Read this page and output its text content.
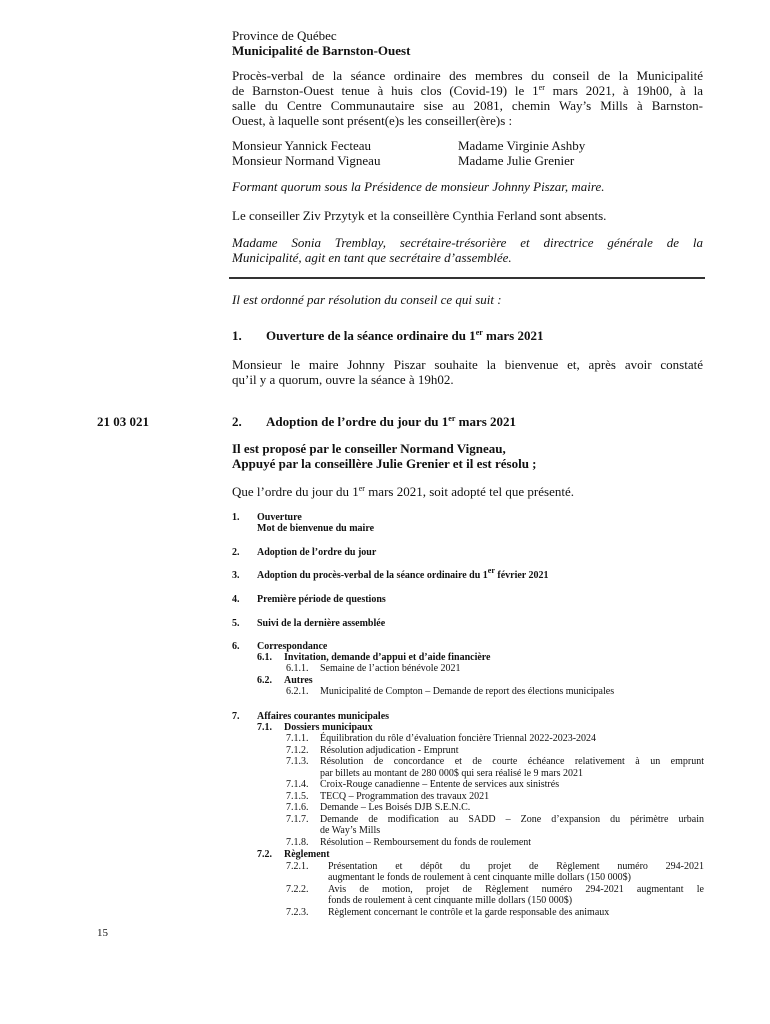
Province de Québec

Municipalité de Barnston-Ouest

Procès-verbal de la séance ordinaire des membres du conseil de la Municipalité

de Barnston-Ouest tenue à huis clos (Covid-19) le 1er mars 2021, à 19h00, à la

salle du Centre Communautaire sise au 2081, chemin Way’s Mills à Barnston-

Ouest, à laquelle sont présent(e)s les conseiller(ère)s :

Monsieur Yannick Fecteau	Madame Virginie Ashby
Monsieur Normand Vigneau	Madame Julie Grenier

Formant quorum sous la Présidence de monsieur Johnny Piszar, maire.

Le conseiller Ziv Przytyk et la conseillère Cynthia Ferland sont absents.

Madame Sonia Tremblay, secrétaire-trésorière et directrice générale de la

Municipalité, agit en tant que secrétaire d’assemblée.

Il est ordonné par résolution du conseil ce qui suit :

1. Ouverture de la séance ordinaire du 1er mars 2021

Monsieur le maire Johnny Piszar souhaite la bienvenue et, après avoir constaté

qu’il y a quorum, ouvre la séance à 19h02.

21 03 021	2. Adoption de l’ordre du jour du 1er mars 2021

Il est proposé par le conseiller Normand Vigneau,

Appuyé par la conseillère Julie Grenier et il est résolu ;

Que l’ordre du jour du 1er mars 2021, soit adopté tel que présenté.

1. Ouverture
Mot de bienvenue du maire
2. Adoption de l’ordre du jour
3. Adoption du procès-verbal de la séance ordinaire du 1er février 2021
4. Première période de questions
5. Suivi de la dernière assemblée
6. Correspondance
6.1. Invitation, demande d’appui et d’aide financière
6.1.1. Semaine de l’action bénévole 2021
6.2. Autres
6.2.1. Municipalité de Compton – Demande de report des élections municipales
7. Affaires courantes municipales
7.1. Dossiers municipaux
7.1.1. Équilibration du rôle d’évaluation foncière Triennal 2022-2023-2024
7.1.2. Résolution adjudication - Emprunt
7.1.3. Résolution de concordance et de courte échéance relativement à un emprunt
par billets au montant de 280 000$ qui sera réalisé le 9 mars 2021
7.1.4. Croix-Rouge canadienne – Entente de services aux sinistrés
7.1.5. TECQ – Programmation des travaux 2021
7.1.6. Demande – Les Boisés DJB S.E.N.C.
7.1.7. Demande de modification au SADD – Zone d’expansion du périmètre urbain
de Way’s Mills
7.1.8. Résolution – Remboursement du fonds de roulement
7.2. Règlement
7.2.1. Présentation et dépôt du projet de Règlement numéro 294-2021
augmentant le fonds de roulement à cent cinquante mille dollars (150 000$)
7.2.2. Avis de motion, projet de Règlement numéro 294-2021 augmentant le
fonds de roulement à cent cinquante mille dollars (150 000$)
7.2.3. Règlement concernant le contrôle et la garde responsable des animaux

15
